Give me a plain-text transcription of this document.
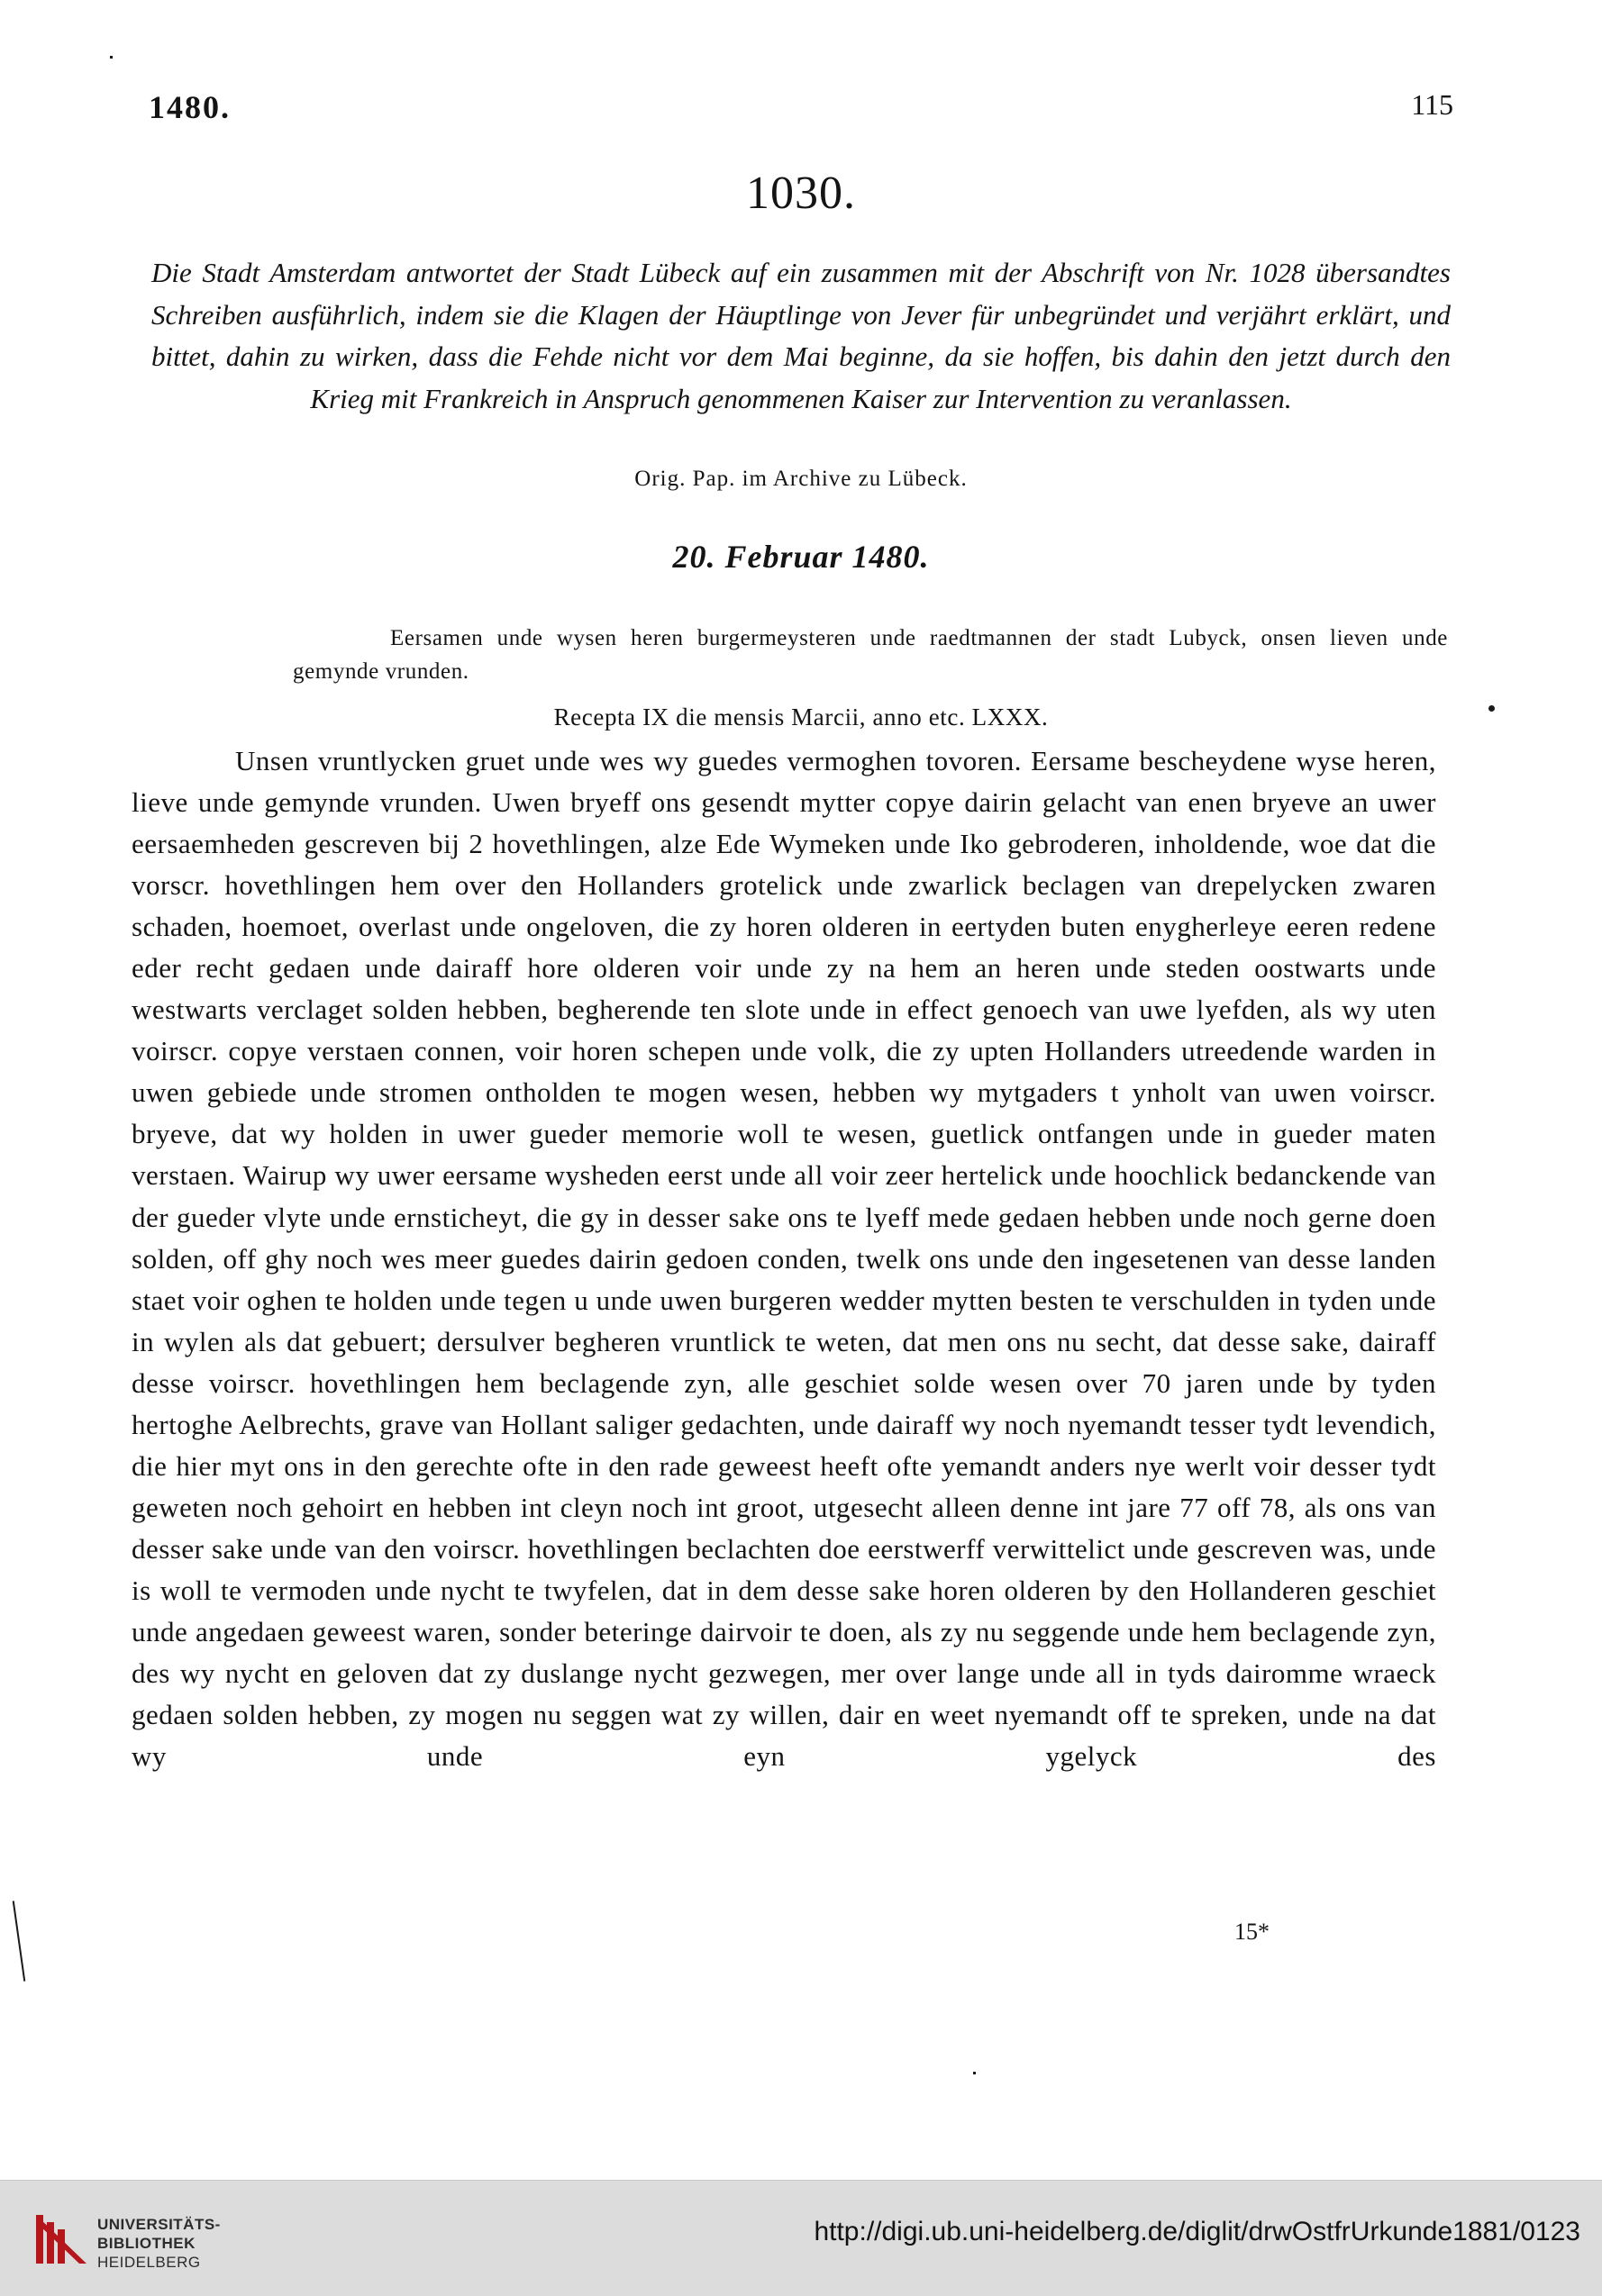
1480.	115
1030.
Die Stadt Amsterdam antwortet der Stadt Lübeck auf ein zusammen mit der Abschrift von Nr. 1028 übersandtes Schreiben ausführlich, indem sie die Klagen der Häuptlinge von Jever für unbegründet und verjährt erklärt, und bittet, dahin zu wirken, dass die Fehde nicht vor dem Mai beginne, da sie hoffen, bis dahin den jetzt durch den Krieg mit Frankreich in Anspruch genommenen Kaiser zur Intervention zu veranlassen.
Orig. Pap. im Archive zu Lübeck.
20. Februar 1480.
Eersamen unde wysen heren burgermeysteren unde raedtmannen der stadt Lubyck, onsen lieven unde gemynde vrunden.
Recepta IX die mensis Marcii, anno etc. LXXX.
Unsen vruntlycken gruet unde wes wy guedes vermoghen tovoren. Eersame bescheydene wyse heren, lieve unde gemynde vrunden. Uwen bryeff ons gesendt mytter copye dairin gelacht van enen bryeve an uwer eersaemheden gescreven bij 2 hovethlingen, alze Ede Wymeken unde Iko gebroderen, inholdende, woe dat die vorscr. hovethlingen hem over den Hollanders grotelick unde zwarlick beclagen van drepelycken zwaren schaden, hoemoet, overlast unde ongeloven, die zy horen olderen in eertyden buten enygherleye eeren redene eder recht gedaen unde dairaff hore olderen voir unde zy na hem an heren unde steden oostwarts unde westwarts verclaget solden hebben, begherende ten slote unde in effect genoech van uwe lyefden, als wy uten voirscr. copye verstaen connen, voir horen schepen unde volk, die zy upten Hollanders utreedende warden in uwen gebiede unde stromen ontholden te mogen wesen, hebben wy mytgaders t ynholt van uwen voirscr. bryeve, dat wy holden in uwer gueder memorie woll te wesen, guetlick ontfangen unde in gueder maten verstaen. Wairup wy uwer eersame wysheden eerst unde all voir zeer hertelick unde hoochlick bedanckende van der gueder vlyte unde ernsticheyt, die gy in desser sake ons te lyeff mede gedaen hebben unde noch gerne doen solden, off ghy noch wes meer guedes dairin gedoen conden, twelk ons unde den ingesetenen van desse landen staet voir oghen te holden unde tegen u unde uwen burgeren wedder mytten besten te verschulden in tyden unde in wylen als dat gebuert; dersulver begheren vruntlick te weten, dat men ons nu secht, dat desse sake, dairaff desse voirscr. hovethlingen hem beclagende zyn, alle geschiet solde wesen over 70 jaren unde by tyden hertoghe Aelbrechts, grave van Hollant saliger gedachten, unde dairaff wy noch nyemandt tesser tydt levendich, die hier myt ons in den gerechte ofte in den rade geweest heeft ofte yemandt anders nye werlt voir desser tydt geweten noch gehoirt en hebben int cleyn noch int groot, utgesecht alleen denne int jare 77 off 78, als ons van desser sake unde van den voirscr. hovethlingen beclachten doe eerstwerff verwittelict unde gescreven was, unde is woll te vermoden unde nycht te twyfelen, dat in dem desse sake horen olderen by den Hollanderen geschiet unde angedaen geweest waren, sonder beteringe dairvoir te doen, als zy nu seggende unde hem beclagende zyn, des wy nycht en geloven dat zy duslange nycht gezwegen, mer over lange unde all in tyds dairomme wraeck gedaen solden hebben, zy mogen nu seggen wat zy willen, dair en weet nyemandt off te spreken, unde na dat wy unde eyn ygelyck des
15*
UNIVERSITÄTS-
BIBLIOTHEK
HEIDELBERG
http://digi.ub.uni-heidelberg.de/diglit/drwOstfrUrkunde1881/0123
